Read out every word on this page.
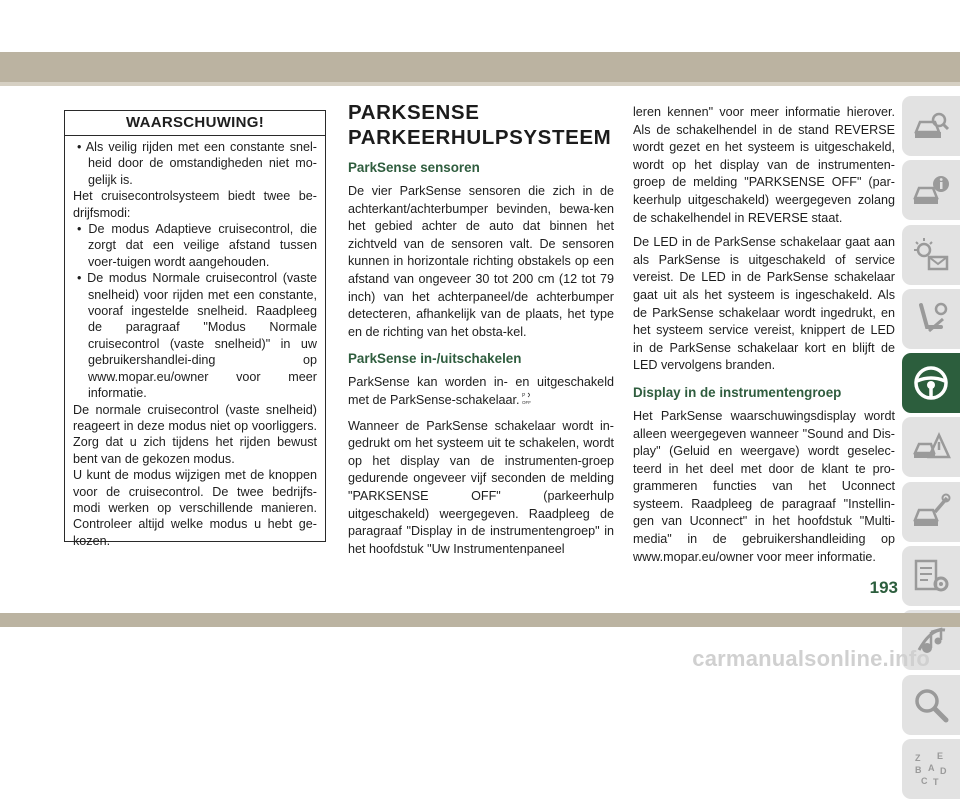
WAARSCHUWING!

• Als veilig rijden met een constante snel-heid door de omstandigheden niet mo-gelijk is.

Het cruisecontrolsysteem biedt twee be-drijfsmodi:

• De modus Adaptieve cruisecontrol, die zorgt dat een veilige afstand tussen voer-tuigen wordt aangehouden.

• De modus Normale cruisecontrol (vaste snelheid) voor rijden met een constante, vooraf ingestelde snelheid. Raadpleeg de paragraaf "Modus Normale cruisecontrol (vaste snelheid)" in uw gebruikershandlei-ding op www.mopar.eu/owner voor meer informatie.

De normale cruisecontrol (vaste snelheid) reageert in deze modus niet op voorliggers. Zorg dat u zich tijdens het rijden bewust bent van de gekozen modus.

U kunt de modus wijzigen met de knoppen voor de cruisecontrol. De twee bedrijfs-modi werken op verschillende manieren. Controleer altijd welke modus u hebt ge-kozen.

PARKSENSE
PARKEERHULPSYSTEEM
ParkSense sensoren

De vier ParkSense sensoren die zich in de achterkant/achterbumper bevinden, bewa-ken het gebied achter de auto dat binnen het zichtveld van de sensoren valt. De sensoren kunnen in horizontale richting obstakels op een afstand van ongeveer 30 tot 200 cm (12 tot 79 inch) van het achterpaneel/de achterbumper detecteren, afhankelijk van de plaats, het type en de richting van het obsta-kel.

ParkSense in-/uitschakelen

ParkSense kan worden in- en uitgeschakeld met de ParkSense-schakelaar. P
OFF

Wanneer de ParkSense schakelaar wordt in-gedrukt om het systeem uit te schakelen, wordt op het display van de instrumenten-groep gedurende ongeveer vijf seconden de melding "PARKSENSE OFF" (parkeerhulp uitgeschakeld) weergegeven. Raadpleeg de paragraaf "Display in de instrumentengroep" in het hoofdstuk "Uw Instrumentenpaneel

leren kennen" voor meer informatie hierover. Als de schakelhendel in de stand REVERSE wordt gezet en het systeem is uitgeschakeld, wordt op het display van de instrumenten-groep de melding "PARKSENSE OFF" (par-keerhulp uitgeschakeld) weergegeven zolang de schakelhendel in REVERSE staat.

De LED in de ParkSense schakelaar gaat aan als ParkSense is uitgeschakeld of service vereist. De LED in de ParkSense schakelaar gaat uit als het systeem is ingeschakeld. Als de ParkSense schakelaar wordt ingedrukt, en het systeem service vereist, knippert de LED in de ParkSense schakelaar kort en blijft de LED vervolgens branden.

Display in de instrumentengroep

Het ParkSense waarschuwingsdisplay wordt alleen weergegeven wanneer "Sound and Dis-play" (Geluid en weergave) wordt geselec-teerd in het deel met door de klant te pro-grammeren functies van het Uconnect systeem. Raadpleeg de paragraaf "Instellin-gen van Uconnect" in het hoofdstuk "Multi-media" in de gebruikershandleiding op www.mopar.eu/owner voor meer informatie.

Z E
B A D
C T
193
carmanualsonline.info
